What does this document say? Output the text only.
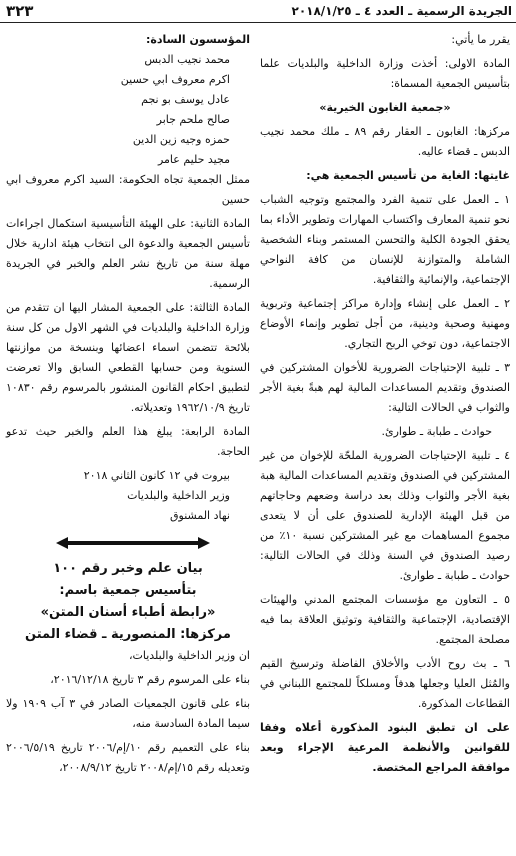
الجريدة الرسمية ـ العدد ٤ ـ ٢٠١٨/١/٢٥
٣٢٣

يقرر ما يأتي:

المادة الاولى: أخذت وزارة الداخلية والبلديات علما بتأسيس الجمعية المسماة:

«جمعية الغابون الخيرية»

مركزها: الغابون ـ العقار رقم ٨٩ ـ ملك محمد نجيب الدبس ـ قضاء عاليه.

غايتها: الغاية من تأسيس الجمعية هي:

١ ـ العمل على تنمية الفرد والمجتمع وتوجيه الشباب نحو تنمية المعارف واكتساب المهارات وتطوير الأداء بما يحقق الجودة الكلية والتحسن المستمر وبناء الشخصية الشاملة والمتوازنة للإنسان من كافة النواحي الإجتماعية، والإنمائية والثقافية.

٢ ـ العمل على إنشاء وإدارة مراكز إجتماعية وتربوية ومهنية وصحية ودينية، من أجل تطوير وإنماء الأوضاع الاجتماعية، دون توخي الربح التجاري.

٣ ـ تلبية الإحتياجات الضرورية للأخوان المشتركين في الصندوق وتقديم المساعدات المالية لهم هبةً بغية الأجر والثواب في الحالات التالية:

حوادث ـ طبابة ـ طوارئ.

٤ ـ تلبية الإحتياجات الضرورية الملحّة للإخوان من غير المشتركين في الصندوق وتقديم المساعدات المالية هبة بغية الأجر والثواب وذلك بعد دراسة وضعهم وحاجاتهم من قبل الهيئة الإدارية للصندوق على أن لا يتعدى مجموع المساهمات مع غير المشتركين نسبة ١٠٪ من رصيد الصندوق في السنة وذلك في الحالات التالية: حوادث ـ طبابة ـ طوارئ.

٥ ـ التعاون مع مؤسسات المجتمع المدني والهيئات الإقتصادية، الإجتماعية والثقافية وتوثيق العلاقة بما فيه مصلحة المجتمع.

٦ ـ بث روح الأدب والأخلاق الفاضلة وترسيخ القيم والمُثل العليا وجعلها هدفاً ومسلكاً للمجتمع اللبناني في القطاعات المذكورة.

على ان تطبق البنود المذكورة أعلاه وفقا للقوانين والأنظمة المرعية الإجراء وبعد موافقة المراجع المختصة.

المؤسسون السادة:

محمد نجيب الدبس

اكرم معروف ابي حسين

عادل يوسف بو نجم

صالح ملحم جابر

حمزه وجيه زين الدين

مجيد حليم عامر

ممثل الجمعية تجاه الحكومة: السيد اكرم معروف ابي حسين

المادة الثانية: على الهيئة التأسيسية استكمال اجراءات تأسيس الجمعية والدعوة الى انتخاب هيئة ادارية خلال مهلة سنة من تاريخ نشر العلم والخبر في الجريدة الرسمية.

المادة الثالثة: على الجمعية المشار اليها ان تتقدم من وزارة الداخلية والبلديات في الشهر الاول من كل سنة بلائحة تتضمن اسماء اعضائها وبنسخة من موازنتها السنوية ومن حسابها القطعي السابق والا تعرضت لتطبيق احكام القانون المنشور بالمرسوم رقم ١٠٨٣٠ تاريخ ١٩٦٢/١٠/٩ وتعديلاته.

المادة الرابعة: يبلغ هذا العلم والخبر حيث تدعو الحاجة.

بيروت في ١٢ كانون الثاني ٢٠١٨

وزير الداخلية والبلديات

نهاد المشنوق

بيان علم وخبر رقم ١٠٠

بتأسيس جمعية باسم:

«رابطة أطباء أسنان المتن»

مركزها: المنصورية ـ قضاء المتن

ان وزير الداخلية والبلديات،

بناء على المرسوم رقم ٣ تاريخ ٢٠١٦/١٢/١٨،

بناء على قانون الجمعيات الصادر في ٣ آب ١٩٠٩ ولا سيما المادة السادسة منه،

بناء على التعميم رقم ١٠/إم/٢٠٠٦ تاريخ ٢٠٠٦/٥/١٩ وتعديله رقم ١٥/إم/٢٠٠٨ تاريخ ٢٠٠٨/٩/١٢،
